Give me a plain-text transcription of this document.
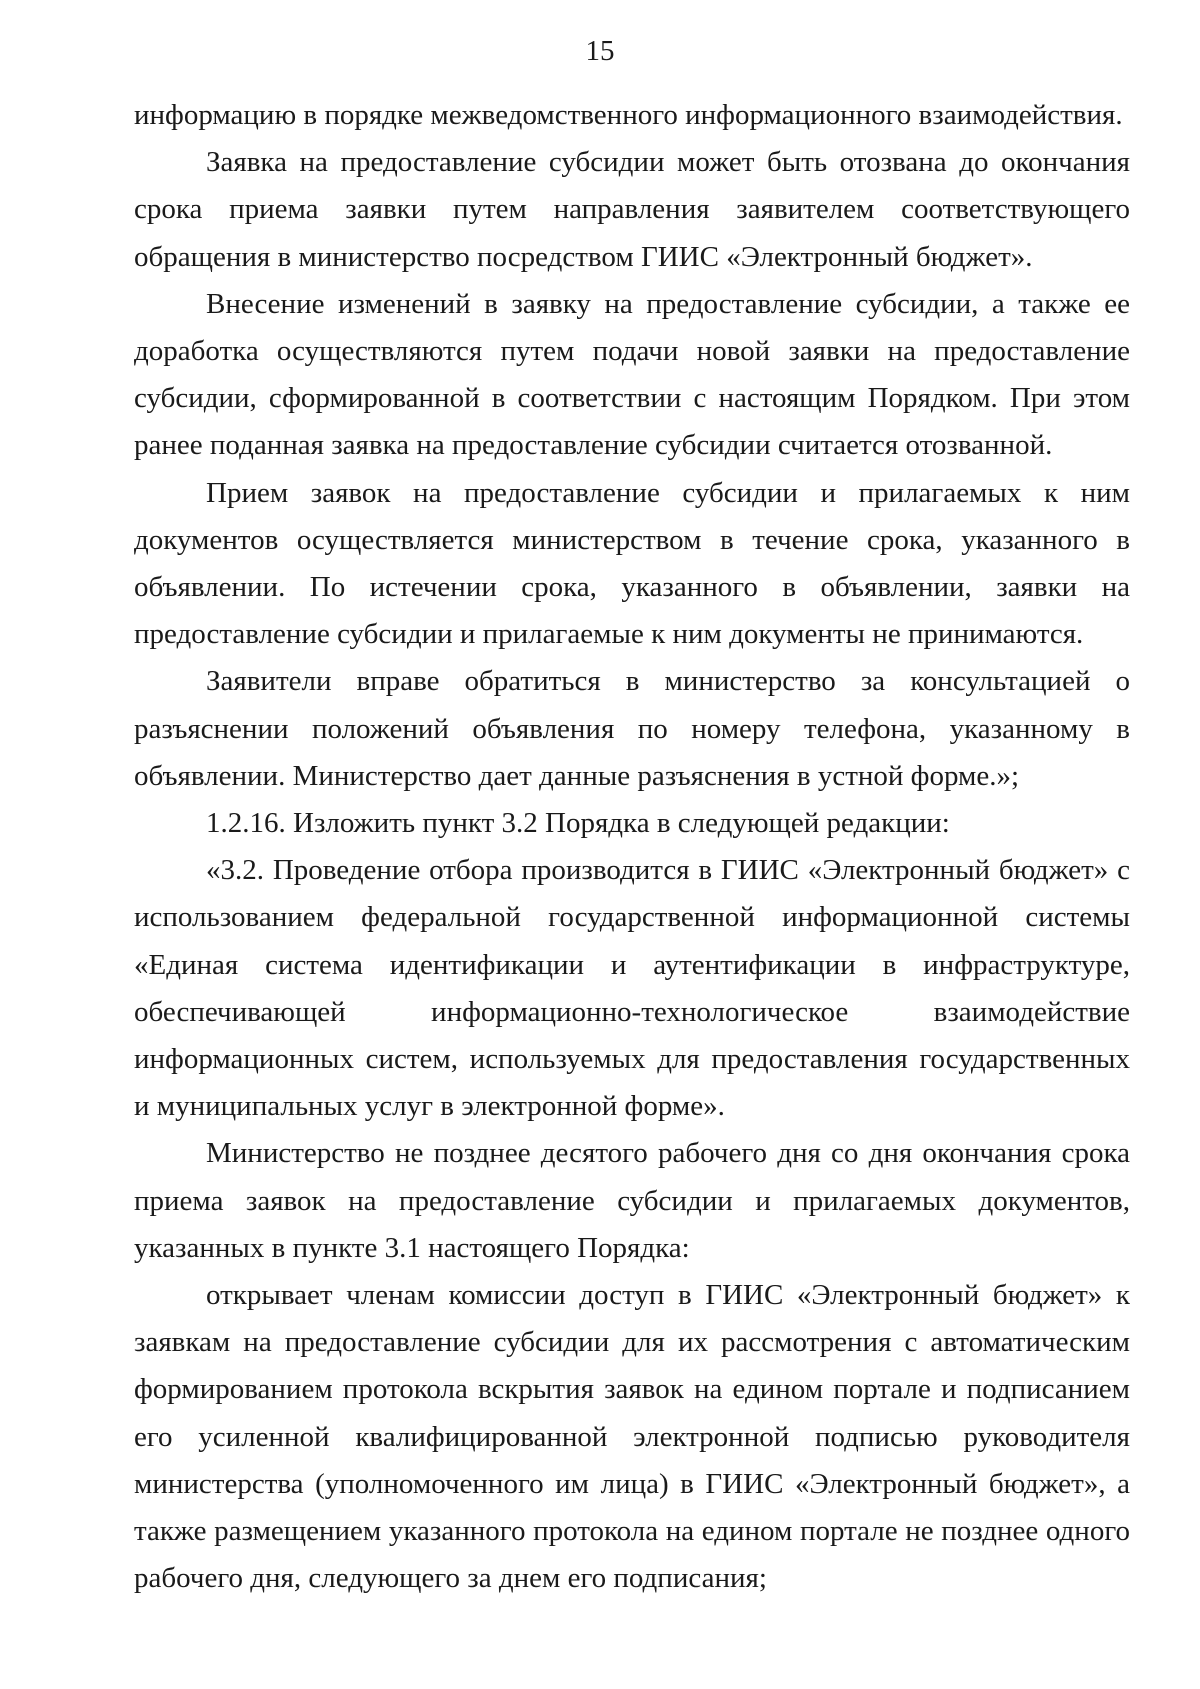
15

информацию в порядке межведомственного информационного взаимодействия.

Заявка на предоставление субсидии может быть отозвана до окончания срока приема заявки путем направления заявителем соответствующего обращения в министерство посредством ГИИС «Электронный бюджет».

Внесение изменений в заявку на предоставление субсидии, а также ее доработка осуществляются путем подачи новой заявки на предоставление субсидии, сформированной в соответствии с настоящим Порядком. При этом ранее поданная заявка на предоставление субсидии считается отозванной.

Прием заявок на предоставление субсидии и прилагаемых к ним документов осуществляется министерством в течение срока, указанного в объявлении. По истечении срока, указанного в объявлении, заявки на предоставление субсидии и прилагаемые к ним документы не принимаются.

Заявители вправе обратиться в министерство за консультацией о разъяснении положений объявления по номеру телефона, указанному в объявлении. Министерство дает данные разъяснения в устной форме.»;

1.2.16. Изложить пункт 3.2 Порядка в следующей редакции:

«3.2. Проведение отбора производится в ГИИС «Электронный бюджет» с использованием федеральной государственной информационной системы «Единая система идентификации и аутентификации в инфраструктуре, обеспечивающей информационно-технологическое взаимодействие информационных систем, используемых для предоставления государственных и муниципальных услуг в электронной форме».

Министерство не позднее десятого рабочего дня со дня окончания срока приема заявок на предоставление субсидии и прилагаемых документов, указанных в пункте 3.1 настоящего Порядка:

открывает членам комиссии доступ в ГИИС «Электронный бюджет» к заявкам на предоставление субсидии для их рассмотрения с автоматическим формированием протокола вскрытия заявок на едином портале и подписанием его усиленной квалифицированной электронной подписью руководителя министерства (уполномоченного им лица) в ГИИС «Электронный бюджет», а также размещением указанного протокола на едином портале не позднее одного рабочего дня, следующего за днем его подписания;
